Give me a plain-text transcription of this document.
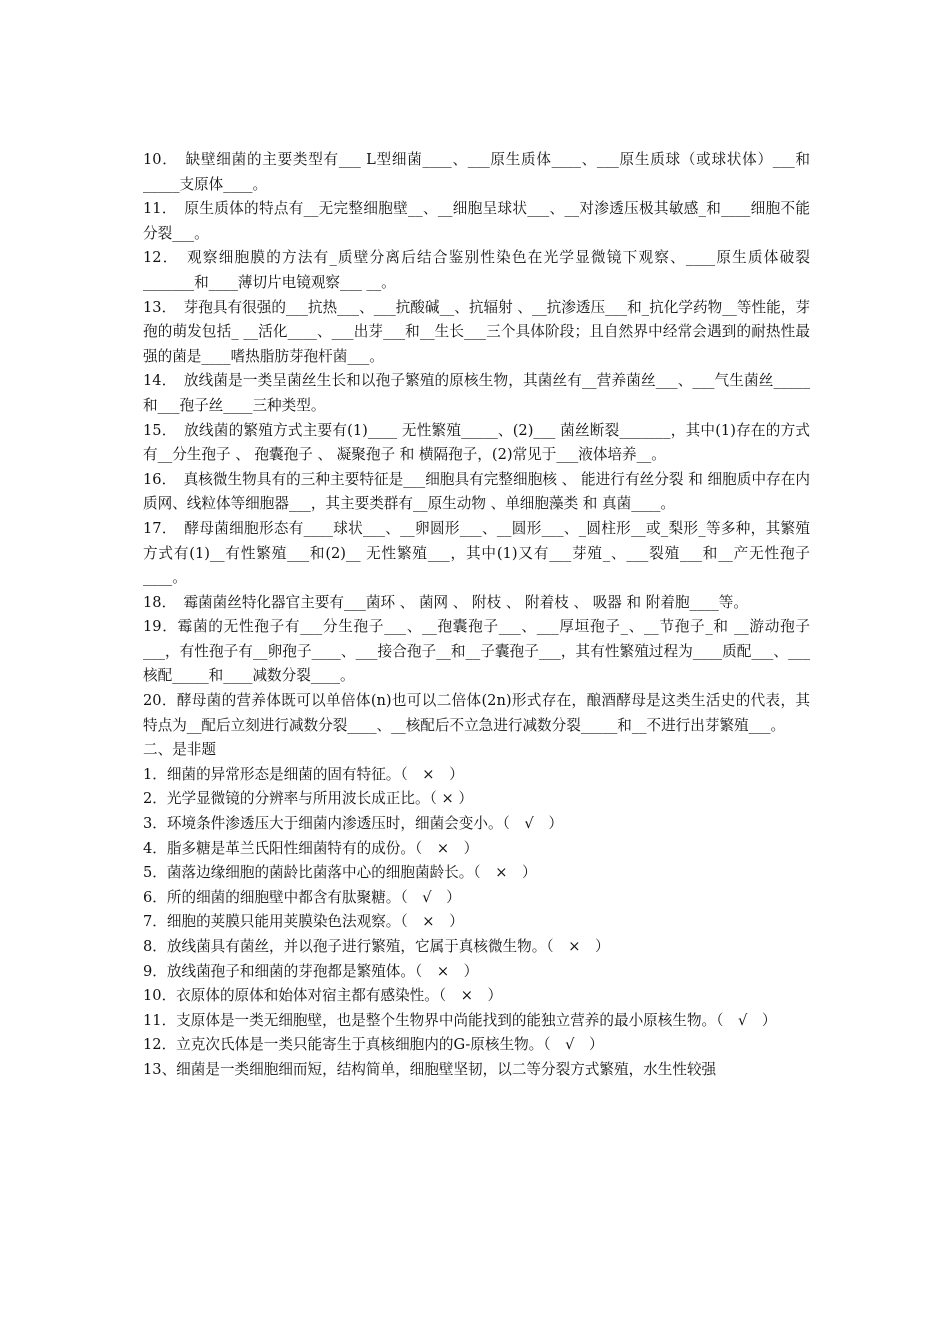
10．　缺壁细菌的主要类型有___ L型细菌____、___原生质体____、___原生质球（或球状体）___和_____支原体____。

11．　原生质体的特点有__无完整细胞壁__、__细胞呈球状___、__对渗透压极其敏感_和____细胞不能分裂___。

12．　观察细胞膜的方法有_质壁分离后结合鉴别性染色在光学显微镜下观察、____原生质体破裂_______和____薄切片电镜观察___ __。

13．　芽孢具有很强的___抗热___、___抗酸碱__、抗辐射 、__抗渗透压___和_抗化学药物__等性能，芽孢的萌发包括_ __活化____、___出芽___和__生长___三个具体阶段；且自然界中经常会遇到的耐热性最强的菌是____嗜热脂肪芽孢杆菌___。

14．　放线菌是一类呈菌丝生长和以孢子繁殖的原核生物，其菌丝有__营养菌丝___、___气生菌丝_____和___孢子丝____三种类型。

15．　放线菌的繁殖方式主要有(1)____ 无性繁殖_____、(2)___ 菌丝断裂_______，其中(1)存在的方式有__分生孢子 、 孢囊孢子 、 凝聚孢子 和 横隔孢子，(2)常见于___液体培养__。

16．　真核微生物具有的三种主要特征是___细胞具有完整细胞核 、 能进行有丝分裂 和 细胞质中存在内质网、线粒体等细胞器___，其主要类群有__原生动物 、单细胞藻类 和 真菌____。

17．　酵母菌细胞形态有____球状___、__卵圆形___、__圆形___、_圆柱形__或_梨形_等多种，其繁殖方式有(1)__有性繁殖___和(2)__ 无性繁殖___，其中(1)又有___芽殖_、___裂殖___和__产无性孢子____。

18．　霉菌菌丝特化器官主要有___菌环 、 菌网 、 附枝 、 附着枝 、 吸器 和 附着胞____等。

19．霉菌的无性孢子有___分生孢子___、__孢囊孢子___、___厚垣孢子_、__节孢子_和 __游动孢子___，有性孢子有__卵孢子____、___接合孢子__和__子囊孢子___，其有性繁殖过程为____质配___、___核配_____和____减数分裂____。

20．酵母菌的营养体既可以单倍体(n)也可以二倍体(2n)形式存在，酿酒酵母是这类生活史的代表，其特点为__配后立刻进行减数分裂____、__核配后不立急进行减数分裂_____和__不进行出芽繁殖___。

二、是非题

1．细菌的异常形态是细菌的固有特征。（　×　）

2．光学显微镜的分辨率与所用波长成正比。（ × ）

3．环境条件渗透压大于细菌内渗透压时，细菌会变小。（　√　）

4．脂多糖是革兰氏阳性细菌特有的成份。（　×　）

5．菌落边缘细胞的菌龄比菌落中心的细胞菌龄长。（　×　）

6．所的细菌的细胞壁中都含有肽聚糖。（　√　）

7．细胞的荚膜只能用荚膜染色法观察。（　×　）

8．放线菌具有菌丝，并以孢子进行繁殖，它属于真核微生物。（　×　）

9．放线菌孢子和细菌的芽孢都是繁殖体。（　×　）

10．衣原体的原体和始体对宿主都有感染性。（　×　）

11．支原体是一类无细胞壁，也是整个生物界中尚能找到的能独立营养的最小原核生物。（　√　）

12．立克次氏体是一类只能寄生于真核细胞内的G-原核生物。（　√　）

13、细菌是一类细胞细而短，结构简单，细胞壁坚韧，以二等分裂方式繁殖，水生性较强
